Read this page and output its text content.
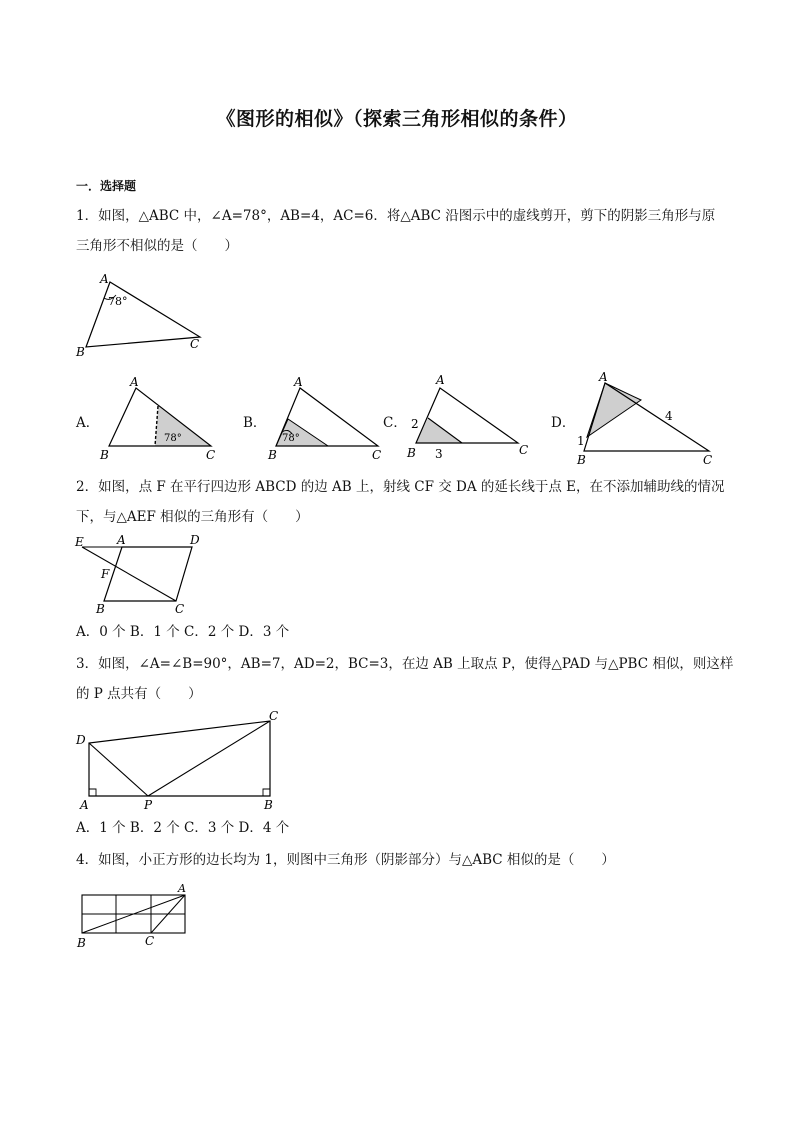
《图形的相似》（探索三角形相似的条件）
一．选择题
1．如图，△ABC 中，∠A=78°，AB=4，AC=6．将△ABC 沿图示中的虚线剪开，剪下的阴影三角形与原
三角形不相似的是（　　）
A
78°
B
C
A．
A
78°
B	C
B．
A
78°
B	C
C．
A
2
3
B	C
D．
A
4
1
B	C
2．如图，点 F 在平行四边形 ABCD 的边 AB 上，射线 CF 交 DA 的延长线于点 E，在不添加辅助线的情况
下，与△AEF 相似的三角形有（　　）
E	A	D
F
B	C
A．0 个 B．1 个 C．2 个 D．3 个
3．如图，∠A=∠B=90°，AB=7，AD=2，BC=3，在边 AB 上取点 P，使得△PAD 与△PBC 相似，则这样
的 P 点共有（　　）
C
D
A	P	B
A．1 个 B．2 个 C．3 个 D．4 个
4．如图，小正方形的边长均为 1，则图中三角形（阴影部分）与△ABC 相似的是（　　）
A
B	C
